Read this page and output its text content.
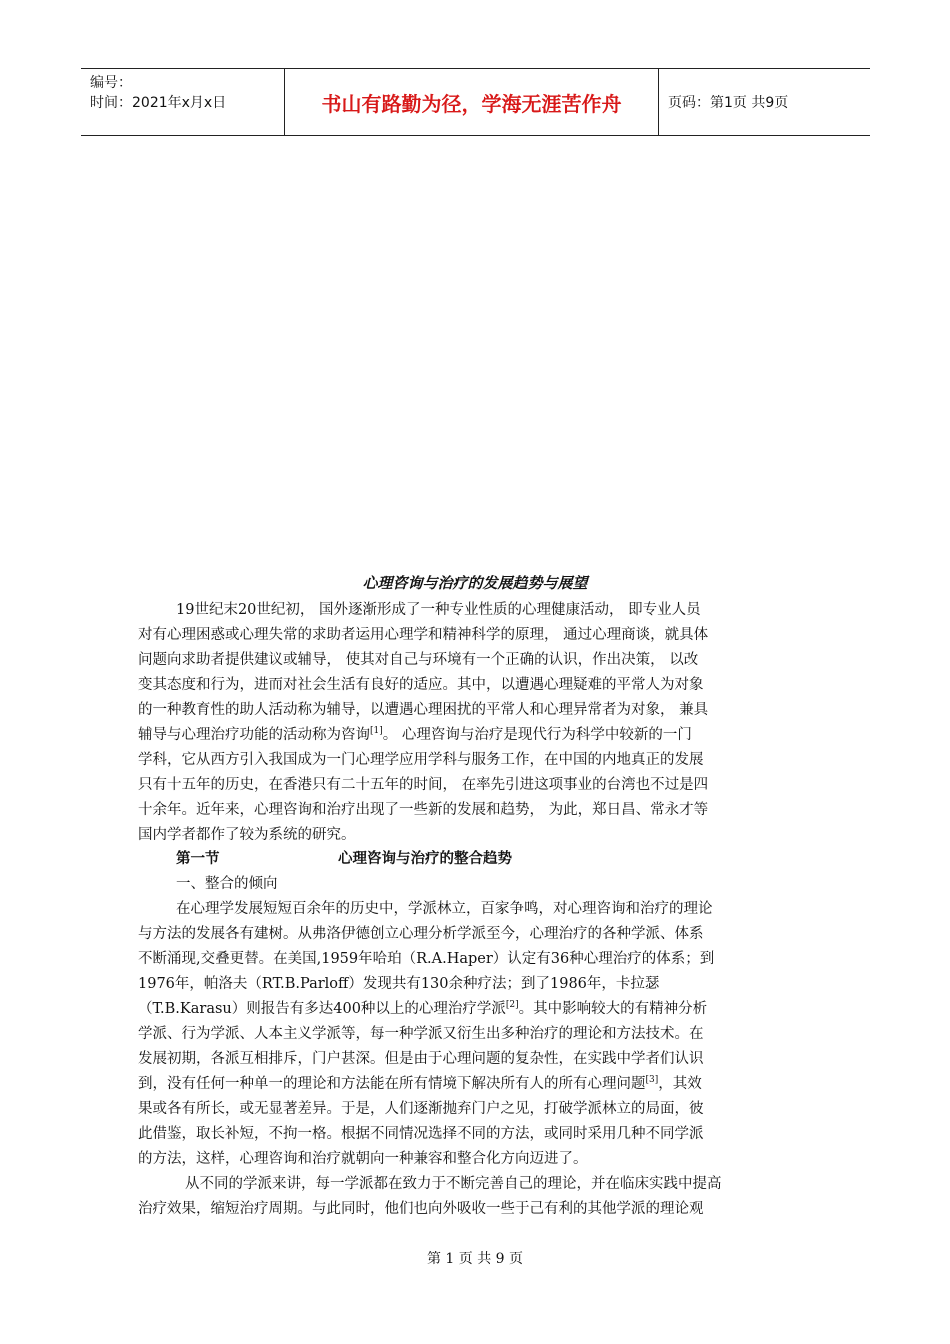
编号：
时间：2021年x月x日	书山有路勤为径，学海无涯苦作舟	页码：第1页 共9页
心理咨询与治疗的发展趋势与展望
19世纪末20世纪初， 国外逐渐形成了一种专业性质的心理健康活动， 即专业人员
对有心理困惑或心理失常的求助者运用心理学和精神科学的原理， 通过心理商谈，就具体
问题向求助者提供建议或辅导， 使其对自己与环境有一个正确的认识，作出决策， 以改
变其态度和行为，进而对社会生活有良好的适应。其中，以遭遇心理疑难的平常人为对象
的一种教育性的助人活动称为辅导，以遭遇心理困扰的平常人和心理异常者为对象， 兼具
辅导与心理治疗功能的活动称为咨询[1]。 心理咨询与治疗是现代行为科学中较新的一门
学科，它从西方引入我国成为一门心理学应用学科与服务工作，在中国的内地真正的发展
只有十五年的历史，在香港只有二十五年的时间， 在率先引进这项事业的台湾也不过是四
十余年。近年来，心理咨询和治疗出现了一些新的发展和趋势， 为此，郑日昌、常永才等
国内学者都作了较为系统的研究。
第一节	心理咨询与治疗的整合趋势
一、整合的倾向
在心理学发展短短百余年的历史中，学派林立，百家争鸣，对心理咨询和治疗的理论
与方法的发展各有建树。从弗洛伊德创立心理分析学派至今，心理治疗的各种学派、体系
不断涌现,交叠更替。在美国,1959年哈珀（R.A.Haper）认定有36种心理治疗的体系；到
1976年，帕洛夫（RT.B.Parloff）发现共有130余种疗法；到了1986年，卡拉瑟
（T.B.Karasu）则报告有多达400种以上的心理治疗学派[2]。其中影响较大的有精神分析
学派、行为学派、人本主义学派等，每一种学派又衍生出多种治疗的理论和方法技术。在
发展初期，各派互相排斥，门户甚深。但是由于心理问题的复杂性，在实践中学者们认识
到，没有任何一种单一的理论和方法能在所有情境下解决所有人的所有心理问题[3]，其效
果或各有所长，或无显著差异。于是，人们逐渐抛弃门户之见，打破学派林立的局面，彼
此借鉴，取长补短，不拘一格。根据不同情况选择不同的方法，或同时采用几种不同学派
的方法，这样，心理咨询和治疗就朝向一种兼容和整合化方向迈进了。
从不同的学派来讲，每一学派都在致力于不断完善自己的理论，并在临床实践中提高
治疗效果，缩短治疗周期。与此同时，他们也向外吸收一些于己有利的其他学派的理论观
第 1 页 共 9 页
